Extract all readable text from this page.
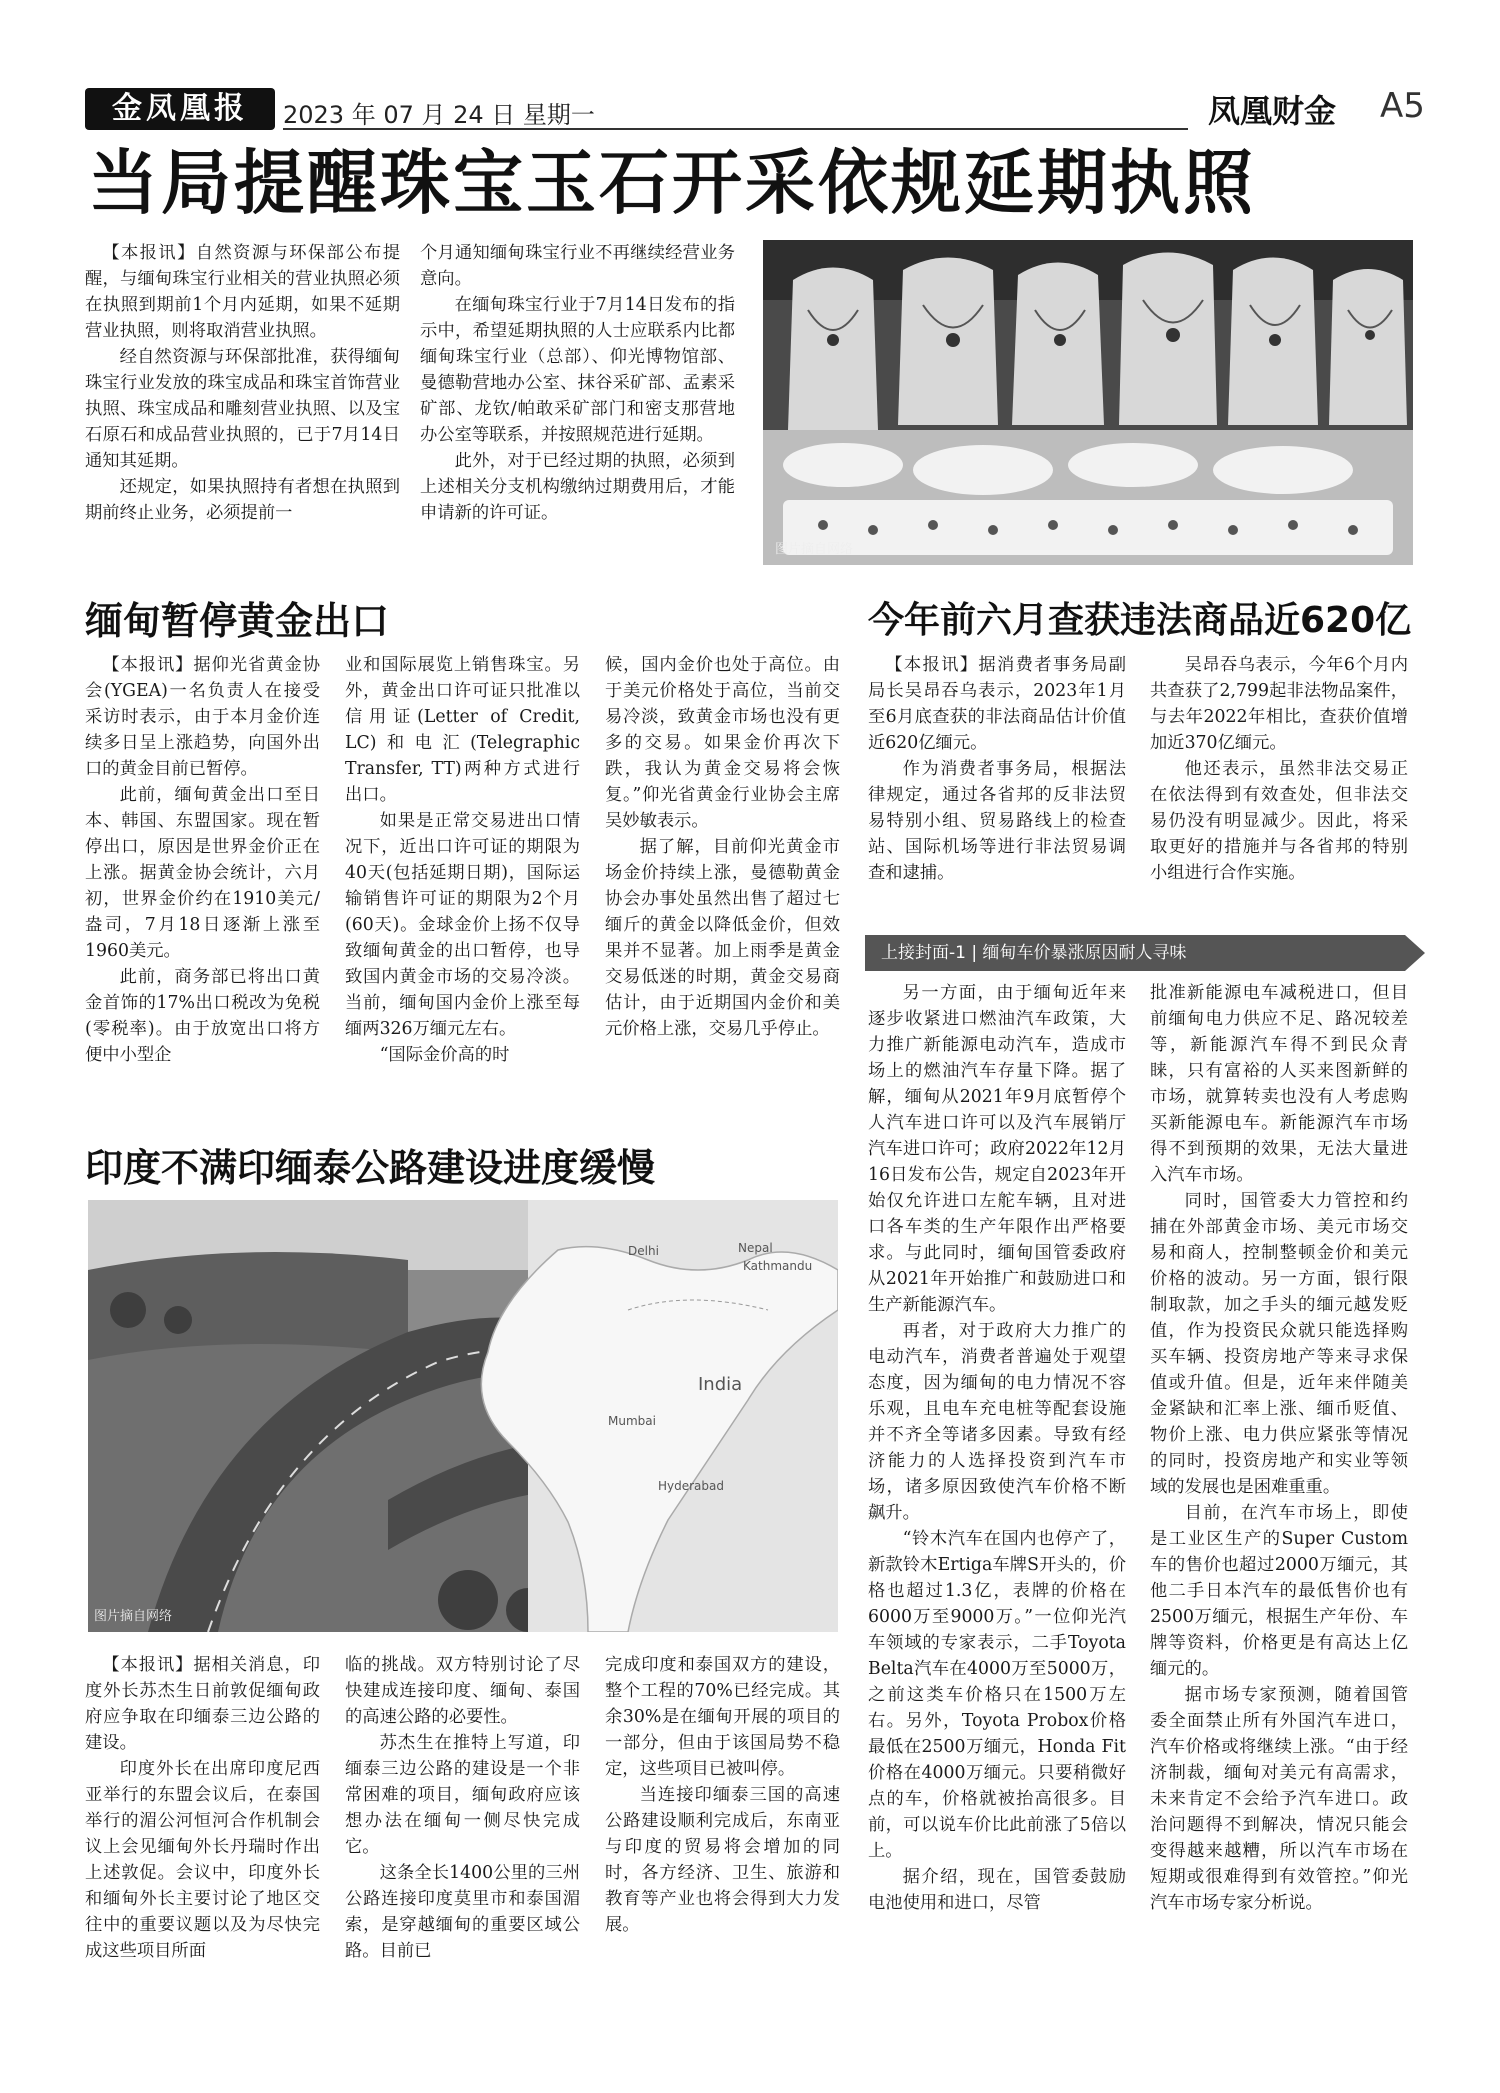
金凤凰报	2023 年 07 月 24 日 星期一	凤凰财金 A5
当局提醒珠宝玉石开采依规延期执照

【本报讯】自然资源与环保部公布提醒，与缅甸珠宝行业相关的营业执照必须在执照到期前1个月内延期，如果不延期营业执照，则将取消营业执照。

经自然资源与环保部批准，获得缅甸珠宝行业发放的珠宝成品和珠宝首饰营业执照、珠宝成品和雕刻营业执照、以及宝石原石和成品营业执照的，已于7月14日通知其延期。

还规定，如果执照持有者想在执照到期前终止业务，必须提前一

个月通知缅甸珠宝行业不再继续经营业务意向。

在缅甸珠宝行业于7月14日发布的指示中，希望延期执照的人士应联系内比都缅甸珠宝行业（总部）、仰光博物馆部、曼德勒营地办公室、抹谷采矿部、孟素采矿部、龙钦/帕敢采矿部门和密支那营地办公室等联系，并按照规范进行延期。

此外，对于已经过期的执照，必须到上述相关分支机构缴纳过期费用后，才能申请新的许可证。

图片摘自网络
缅甸暂停黄金出口

【本报讯】据仰光省黄金协会(YGEA)一名负责人在接受采访时表示，由于本月金价连续多日呈上涨趋势，向国外出口的黄金目前已暂停。

此前，缅甸黄金出口至日本、韩国、东盟国家。现在暂停出口，原因是世界金价正在上涨。据黄金协会统计，六月初，世界金价约在1910美元/盎司，7月18日逐渐上涨至1960美元。

此前，商务部已将出口黄金首饰的17%出口税改为免税(零税率)。由于放宽出口将方便中小型企

业和国际展览上销售珠宝。另外，黄金出口许可证只批准以信用证(Letter of Credit, LC)和电汇(Telegraphic Transfer, TT)两种方式进行出口。

如果是正常交易进出口情况下，近出口许可证的期限为40天(包括延期日期)，国际运输销售许可证的期限为2个月(60天)。金球金价上扬不仅导致缅甸黄金的出口暂停，也导致国内黄金市场的交易冷淡。当前，缅甸国内金价上涨至每缅两326万缅元左右。

“国际金价高的时

候，国内金价也处于高位。由于美元价格处于高位，当前交易冷淡，致黄金市场也没有更多的交易。如果金价再次下跌，我认为黄金交易将会恢复。”仰光省黄金行业协会主席吴妙敏表示。

据了解，目前仰光黄金市场金价持续上涨，曼德勒黄金协会办事处虽然出售了超过七缅斤的黄金以降低金价，但效果并不显著。加上雨季是黄金交易低迷的时期，黄金交易商估计，由于近期国内金价和美元价格上涨，交易几乎停止。

今年前六月查获违法商品近620亿

【本报讯】据消费者事务局副局长吴昂吞乌表示，2023年1月至6月底查获的非法商品估计价值近620亿缅元。

作为消费者事务局，根据法律规定，通过各省邦的反非法贸易特别小组、贸易路线上的检查站、国际机场等进行非法贸易调查和逮捕。

吴昂吞乌表示，今年6个月内共查获了2,799起非法物品案件，与去年2022年相比，查获价值增加近370亿缅元。

他还表示，虽然非法交易正在依法得到有效查处，但非法交易仍没有明显减少。因此，将采取更好的措施并与各省邦的特别小组进行合作实施。

上接封面-1 | 缅甸车价暴涨原因耐人寻味

另一方面，由于缅甸近年来逐步收紧进口燃油汽车政策，大力推广新能源电动汽车，造成市场上的燃油汽车存量下降。据了解，缅甸从2021年9月底暂停个人汽车进口许可以及汽车展销厅汽车进口许可；政府2022年12月16日发布公告，规定自2023年开始仅允许进口左舵车辆，且对进口各车类的生产年限作出严格要求。与此同时，缅甸国管委政府从2021年开始推广和鼓励进口和生产新能源汽车。

再者，对于政府大力推广的电动汽车，消费者普遍处于观望态度，因为缅甸的电力情况不容乐观，且电车充电桩等配套设施并不齐全等诸多因素。导致有经济能力的人选择投资到汽车市场，诸多原因致使汽车价格不断飙升。

“铃木汽车在国内也停产了，新款铃木Ertiga车牌S开头的，价格也超过1.3亿，表牌的价格在6000万至9000万。”一位仰光汽车领域的专家表示，二手Toyota Belta汽车在4000万至5000万，之前这类车价格只在1500万左右。另外，Toyota Probox价格最低在2500万缅元，Honda Fit价格在4000万缅元。只要稍微好点的车，价格就被抬高很多。目前，可以说车价比此前涨了5倍以上。

据介绍，现在，国管委鼓励电池使用和进口，尽管

批准新能源电车减税进口，但目前缅甸电力供应不足、路况较差等，新能源汽车得不到民众青睐，只有富裕的人买来图新鲜的市场，就算转卖也没有人考虑购买新能源电车。新能源汽车市场得不到预期的效果，无法大量进入汽车市场。

同时，国管委大力管控和约捕在外部黄金市场、美元市场交易和商人，控制整顿金价和美元价格的波动。另一方面，银行限制取款，加之手头的缅元越发贬值，作为投资民众就只能选择购买车辆、投资房地产等来寻求保值或升值。但是，近年来伴随美金紧缺和汇率上涨、缅币贬值、物价上涨、电力供应紧张等情况的同时，投资房地产和实业等领域的发展也是困难重重。

目前，在汽车市场上，即使是工业区生产的Super Custom车的售价也超过2000万缅元，其他二手日本汽车的最低售价也有2500万缅元，根据生产年份、车牌等资料，价格更是有高达上亿缅元的。

据市场专家预测，随着国管委全面禁止所有外国汽车进口，汽车价格或将继续上涨。“由于经济制裁，缅甸对美元有高需求，未来肯定不会给予汽车进口。政治问题得不到解决，情况只能会变得越来越糟，所以汽车市场在短期或很难得到有效管控。”仰光汽车市场专家分析说。

印度不满印缅泰公路建设进度缓慢
Delhi	Nepal
Kathmandu
India
Mumbai
Hyderabad
图片摘自网络

【本报讯】据相关消息，印度外长苏杰生日前敦促缅甸政府应争取在印缅泰三边公路的建设。

印度外长在出席印度尼西亚举行的东盟会议后，在泰国举行的湄公河恒河合作机制会议上会见缅甸外长丹瑞时作出上述敦促。会议中，印度外长和缅甸外长主要讨论了地区交往中的重要议题以及为尽快完成这些项目所面

临的挑战。双方特别讨论了尽快建成连接印度、缅甸、泰国的高速公路的必要性。

苏杰生在推特上写道，印缅泰三边公路的建设是一个非常困难的项目，缅甸政府应该想办法在缅甸一侧尽快完成它。

这条全长1400公里的三州公路连接印度莫里市和泰国湄索，是穿越缅甸的重要区域公路。目前已

完成印度和泰国双方的建设，整个工程的70%已经完成。其余30%是在缅甸开展的项目的一部分，但由于该国局势不稳定，这些项目已被叫停。

当连接印缅泰三国的高速公路建设顺利完成后，东南亚与印度的贸易将会增加的同时，各方经济、卫生、旅游和教育等产业也将会得到大力发展。
